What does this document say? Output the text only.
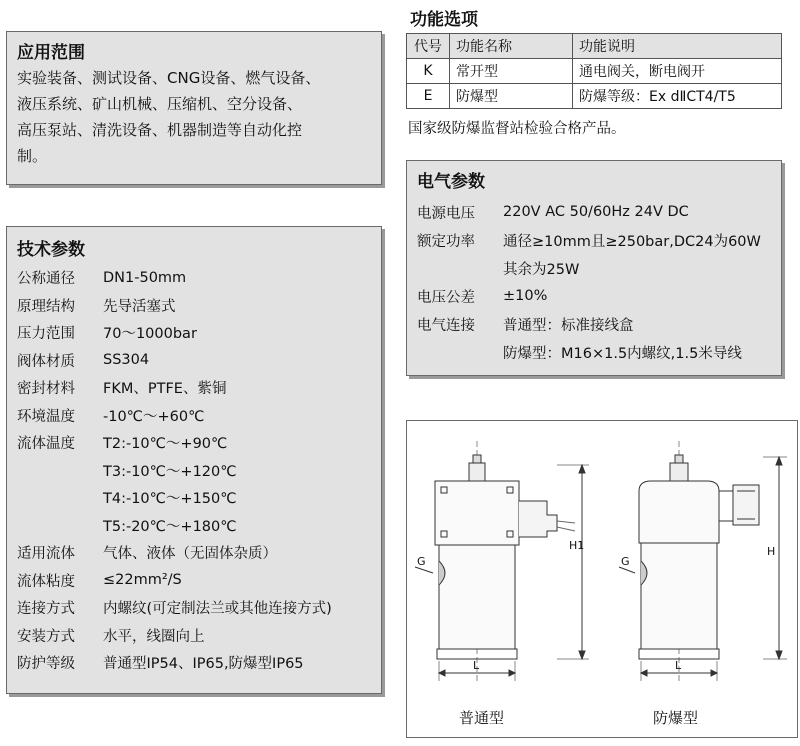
应用范围
实验装备、测试设备、CNG设备、燃气设备、
液压系统、矿山机械、压缩机、空分设备、
高压泵站、清洗设备、机器制造等自动化控
制。
技术参数
公称通径	DN1-50mm
原理结构	先导活塞式
压力范围	70～1000bar
阀体材质	SS304
密封材料	FKM、PTFE、紫铜
环境温度	-10℃～+60℃
流体温度	T2:-10℃～+90℃
	T3:-10℃～+120℃
	T4:-10℃～+150℃
	T5:-20℃～+180℃
适用流体	气体、液体（无固体杂质）
流体粘度	≤22mm²/S
连接方式	内螺纹(可定制法兰或其他连接方式)
安装方式	水平，线圈向上
防护等级	普通型IP54、IP65,防爆型IP65
功能选项
代号	功能名称	功能说明
K	常开型	通电阀关，断电阀开
E	防爆型	防爆等级：Ex dⅡCT4/T5
国家级防爆监督站检验合格产品。
电气参数
电源电压	220V AC 50/60Hz 24V DC
额定功率	通径≥10mm且≥250bar,DC24为60W
	其余为25W
电压公差	±10%
电气连接	普通型：标准接线盒
	防爆型：M16×1.5内螺纹,1.5米导线
H1	H
L	L
G	G
普通型	防爆型
